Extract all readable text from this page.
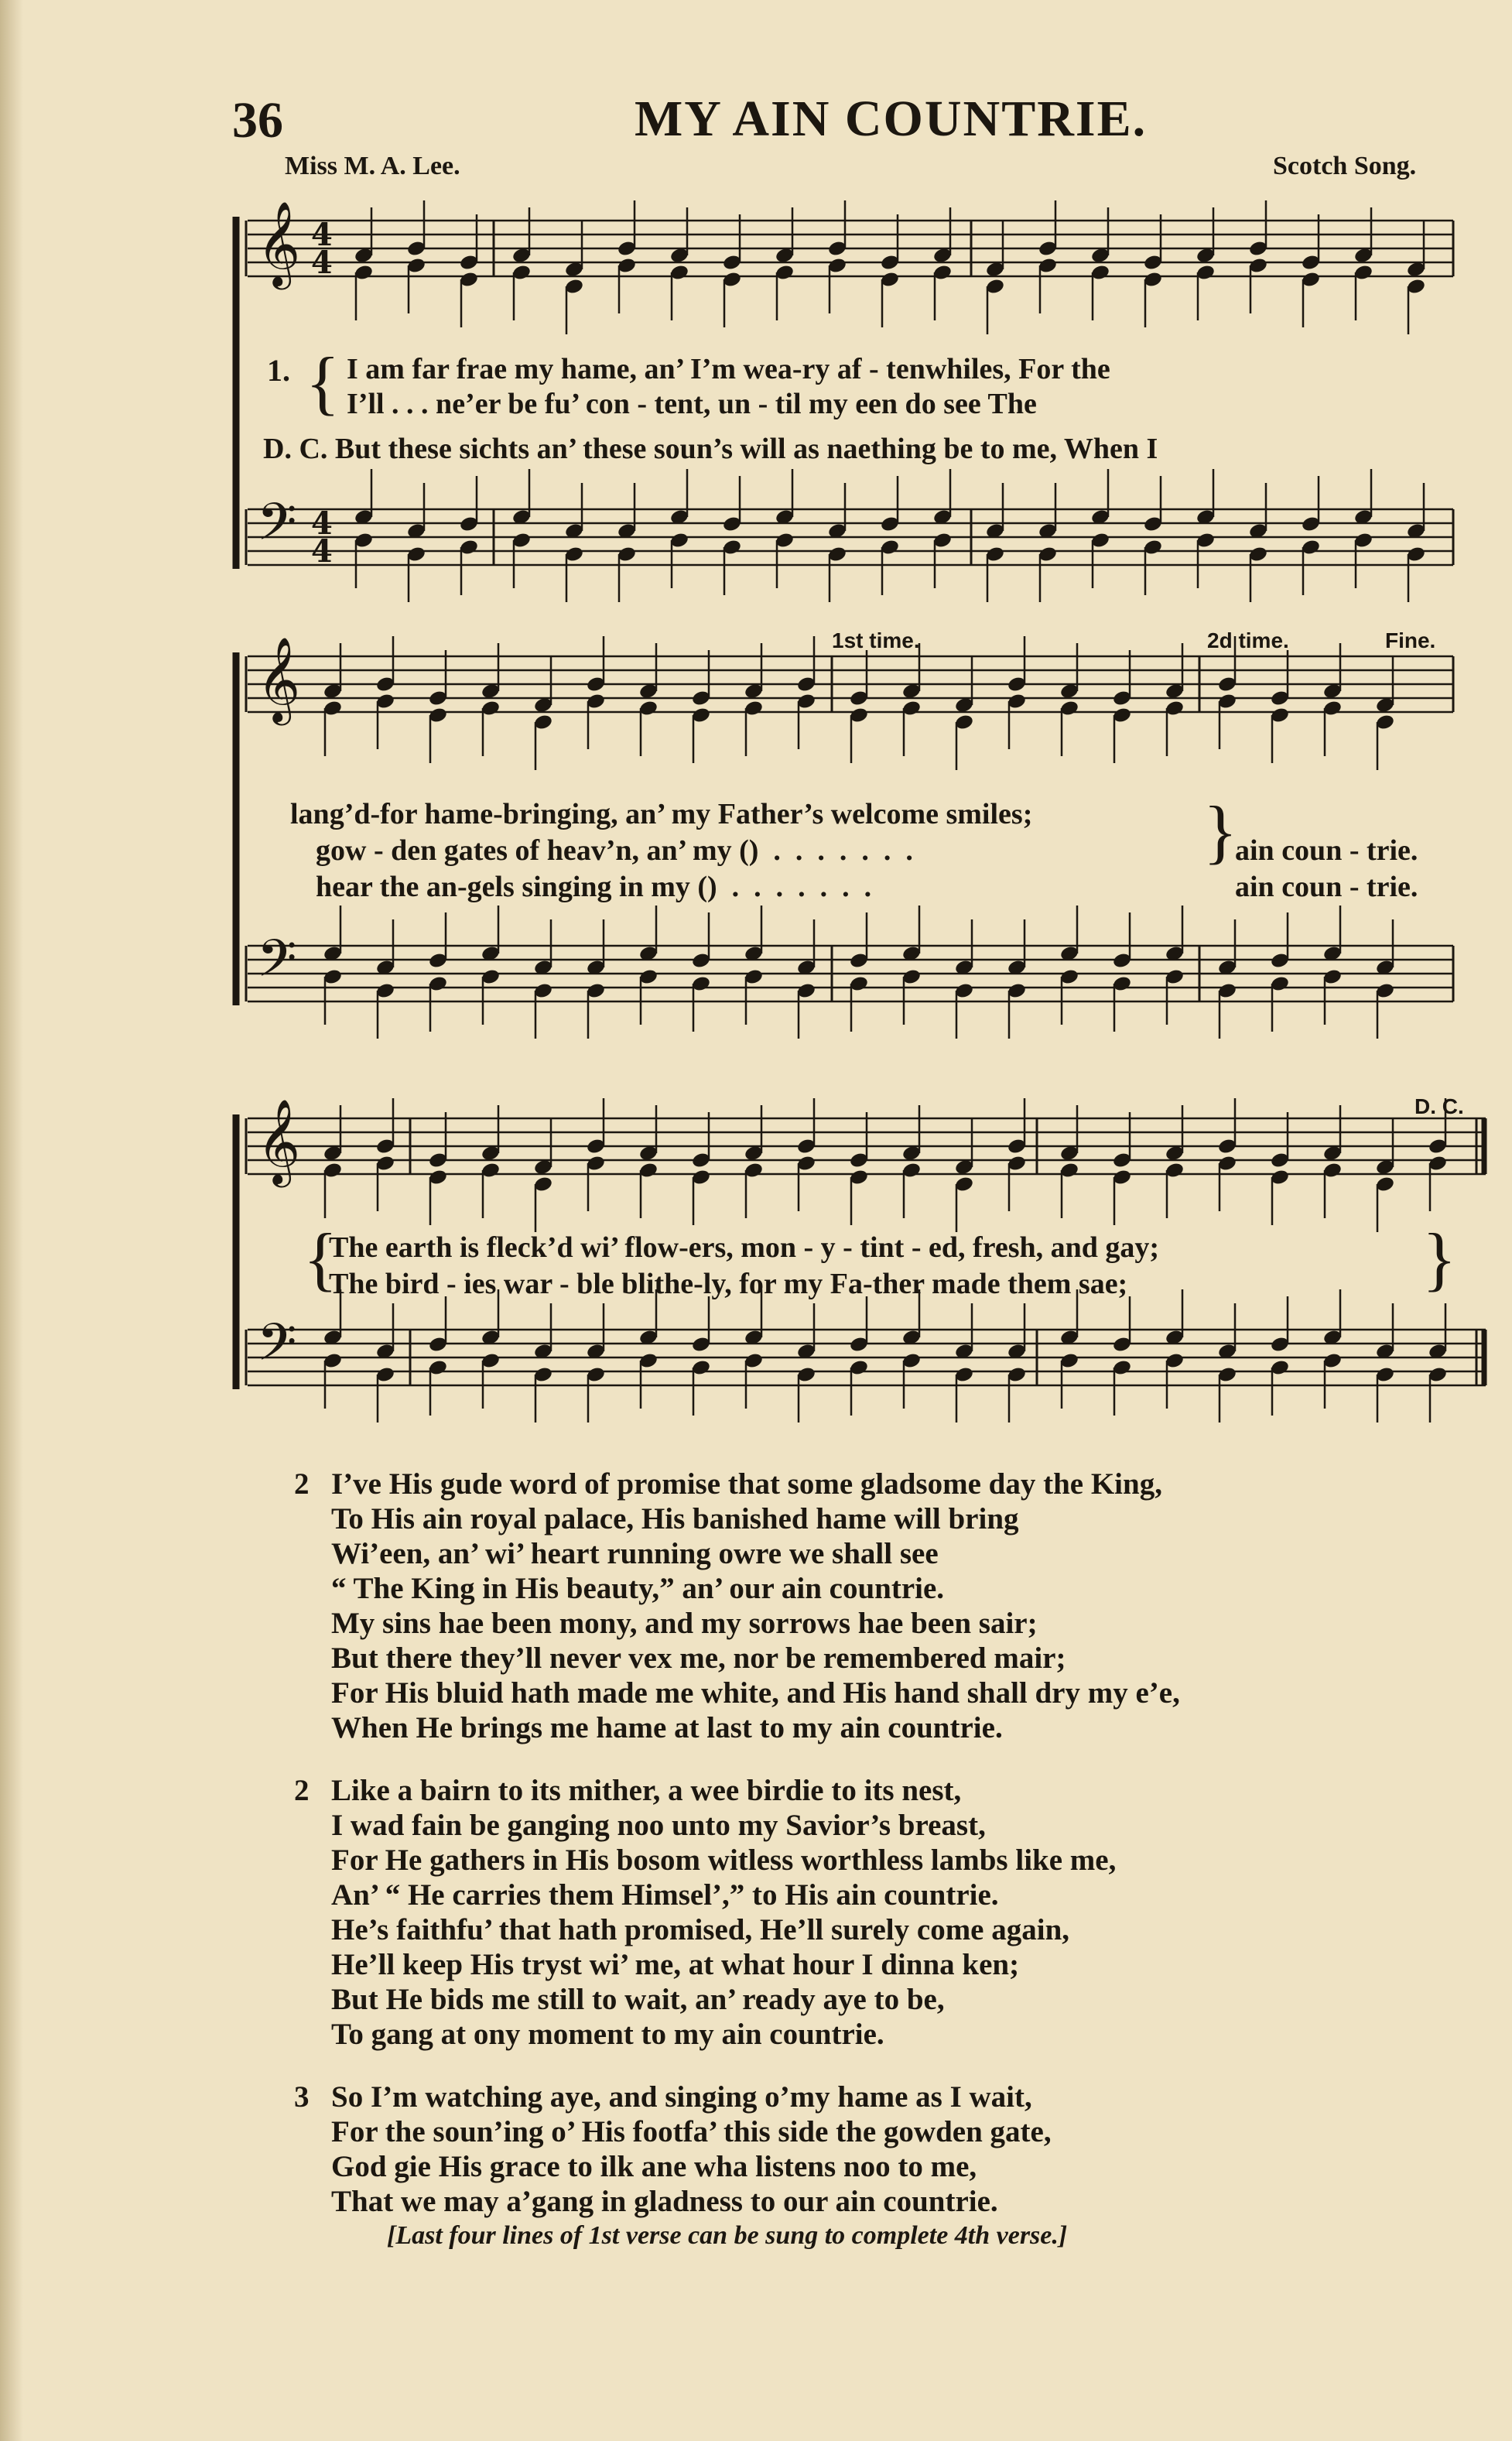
36	MY AIN COUNTRIE.
Miss M. A. Lee.	Scotch Song.
𝄞
𝄢
4
4
4
4
𝄞
𝄢
𝄞
𝄢
1. { I am far frae my hame, an’ I’m wea-ry af - tenwhiles, For the
I’ll . . . ne’er be fu’ con - tent, un - til my een do see The
D. C. But these sichts an’ these soun’s will as naething be to me, When I
lang’d-for hame-bringing, an’ my Father’s welcome smiles; }
gow - den gates of heav’n, an’ my ()  .  .  .  .  .  .  .	ain coun - trie.
hear the an-gels singing in my ()  .  .  .  .  .  .  .	ain coun - trie.
1st time.	2d time.	Fine.
{
The earth is fleck’d wi’ flow-ers, mon - y - tint - ed, fresh, and gay;
The bird - ies war - ble blithe-ly, for my Fa-ther made them sae;	}
D. C.
2 I’ve His gude word of promise that some gladsome day the King,
To His ain royal palace, His banished hame will bring
Wi’een, an’ wi’ heart running owre we shall see
“ The King in His beauty,” an’ our ain countrie.
My sins hae been mony, and my sorrows hae been sair;
But there they’ll never vex me, nor be remembered mair;
For His bluid hath made me white, and His hand shall dry my e’e,
When He brings me hame at last to my ain countrie.
2 Like a bairn to its mither, a wee birdie to its nest,
I wad fain be ganging noo unto my Savior’s breast,
For He gathers in His bosom witless worthless lambs like me,
An’ “ He carries them Himsel’,” to His ain countrie.
He’s faithfu’ that hath promised, He’ll surely come again,
He’ll keep His tryst wi’ me, at what hour I dinna ken;
But He bids me still to wait, an’ ready aye to be,
To gang at ony moment to my ain countrie.
3 So I’m watching aye, and singing o’my hame as I wait,
For the soun’ing o’ His footfa’ this side the gowden gate,
God gie His grace to ilk ane wha listens noo to me,
That we may a’gang in gladness to our ain countrie.
[Last four lines of 1st verse can be sung to complete 4th verse.]
